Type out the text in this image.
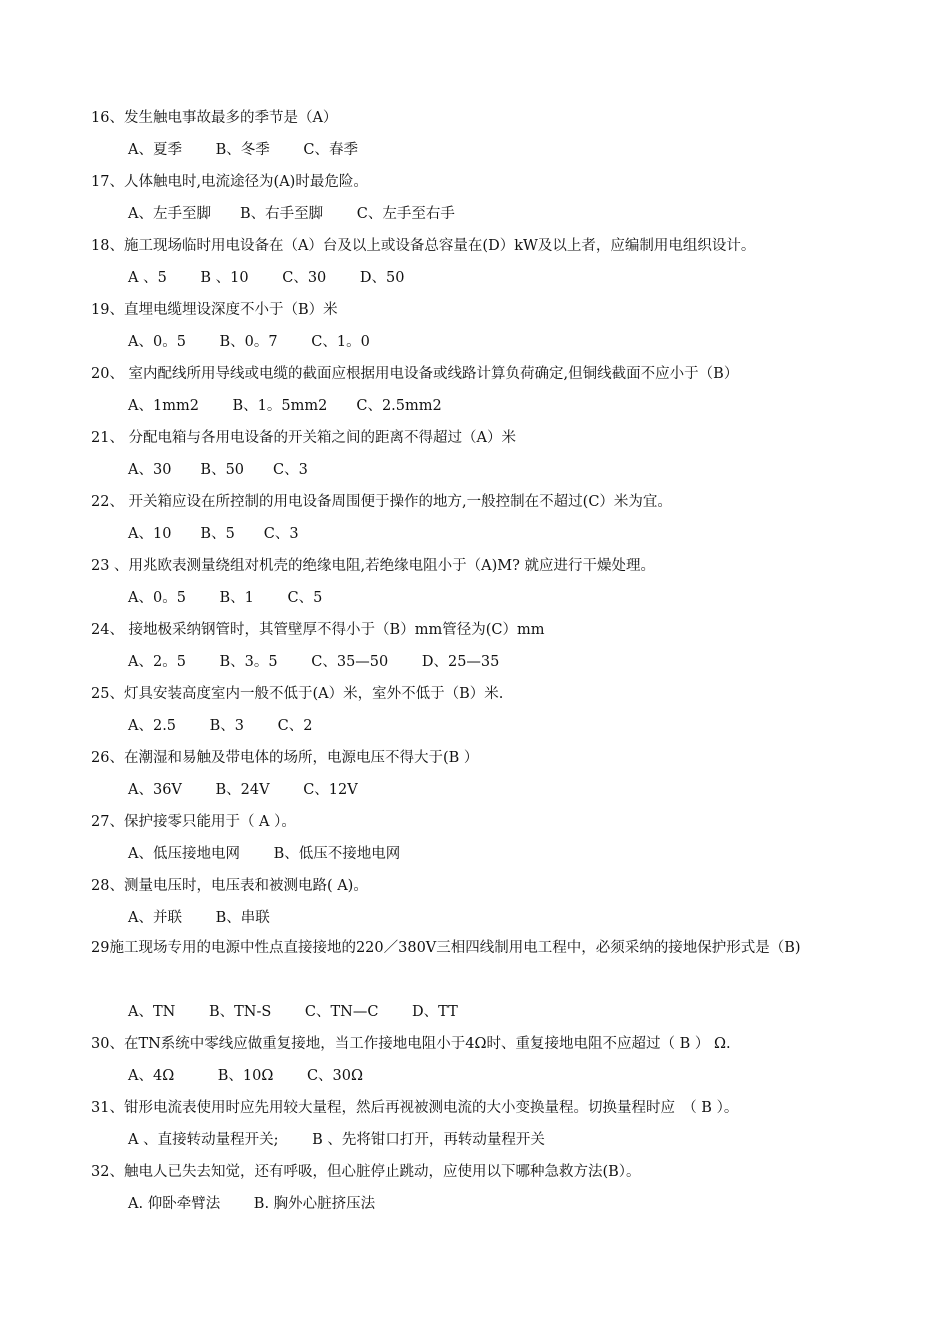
16、发生触电事故最多的季节是（A）
A、夏季　　 B、冬季　　 C、春季
17、人体触电时,电流途径为(A)时最危险。
A、左手至脚　　B、右手至脚　　 C、左手至右手
18、施工现场临时用电设备在（A）台及以上或设备总容量在(D）kW及以上者，应编制用电组织设计。
A 、5　　 B 、10　　 C、30　　 D、50
19、直埋电缆埋设深度不小于（B）米
A、0。5　　 B、0。7　　 C、1。0
20、 室内配线所用导线或电缆的截面应根据用电设备或线路计算负荷确定,但铜线截面不应小于（B）
A、1mm2　　 B、1。5mm2　　C、2.5mm2
21、 分配电箱与各用电设备的开关箱之间的距离不得超过（A）米
A、30　　B、50　　C、3
22、 开关箱应设在所控制的用电设备周围便于操作的地方,一般控制在不超过(C）米为宜。
A、10　　B、5　　C、3
23 、用兆欧表测量绕组对机壳的绝缘电阻,若绝缘电阻小于（A)M? 就应进行干燥处理。
A、0。5　　 B、1　　 C、5
24、 接地极采纳钢管时，其管壁厚不得小于（B）mm管径为(C）mm
A、2。5　　 B、3。5　　 C、35—50　　 D、25—35
25、灯具安装高度室内一般不低于(A）米，室外不低于（B）米.
A、2.5　　 B、3　　 C、2
26、在潮湿和易触及带电体的场所，电源电压不得大于(B ）
A、36V　　 B、24V　　 C、12V
27、保护接零只能用于（ A ）。
A、低压接地电网　　 B、低压不接地电网
28、测量电压时，电压表和被测电路( A)。
A、并联　　 B、串联
29施工现场专用的电源中性点直接接地的220／380V三相四线制用电工程中，必须采纳的接地保护形式是（B)
A、TN　　 B、TN-S　　 C、TN—C　　 D、TT
30、在TN系统中零线应做重复接地，当工作接地电阻小于4Ω时、重复接地电阻不应超过（ B ） Ω.
A、4Ω　　　B、10Ω　　 C、30Ω
31、钳形电流表使用时应先用较大量程，然后再视被测电流的大小变换量程。切换量程时应　（ B ）。
A 、直接转动量程开关;　　 B 、先将钳口打开，再转动量程开关
32、触电人已失去知觉，还有呼吸，但心脏停止跳动，应使用以下哪种急救方法(B）。
A. 仰卧牵臂法　　 B. 胸外心脏挤压法
